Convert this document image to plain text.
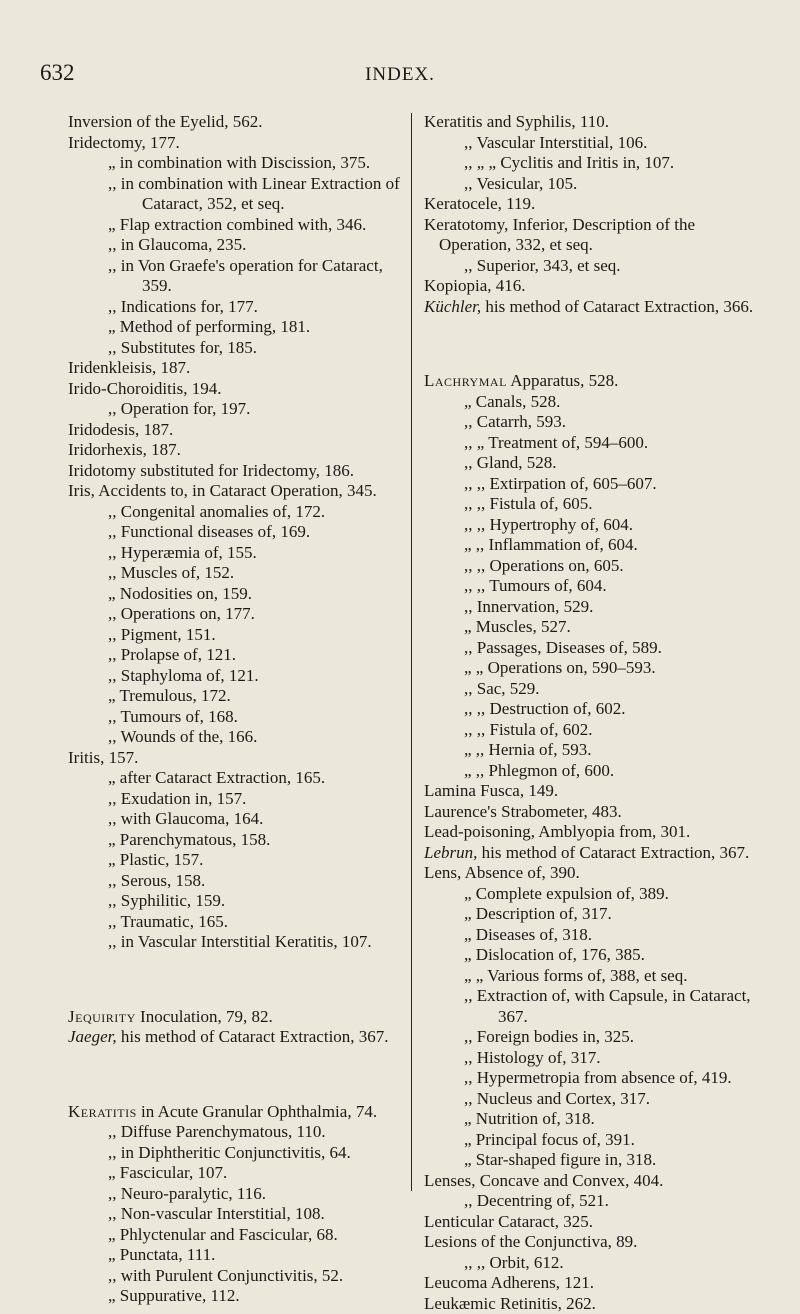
632	INDEX.

Inversion of the Eyelid, 562.

Iridectomy, 177.

„ in combination with Discission, 375.

,, in combination with Linear Extraction of Cataract, 352, et seq.

„ Flap extraction combined with, 346.

,, in Glaucoma, 235.

,, in Von Graefe's operation for Cataract, 359.

,, Indications for, 177.

„ Method of performing, 181.

,, Substitutes for, 185.

Iridenkleisis, 187.

Irido-Choroiditis, 194.

,, Operation for, 197.

Iridodesis, 187.

Iridorhexis, 187.

Iridotomy substituted for Iridectomy, 186.

Iris, Accidents to, in Cataract Operation, 345.

,, Congenital anomalies of, 172.

,, Functional diseases of, 169.

,, Hyperæmia of, 155.

,, Muscles of, 152.

„ Nodosities on, 159.

,, Operations on, 177.

,, Pigment, 151.

,, Prolapse of, 121.

,, Staphyloma of, 121.

„ Tremulous, 172.

,, Tumours of, 168.

,, Wounds of the, 166.

Iritis, 157.

„ after Cataract Extraction, 165.

,, Exudation in, 157.

,, with Glaucoma, 164.

„ Parenchymatous, 158.

„ Plastic, 157.

,, Serous, 158.

,, Syphilitic, 159.

,, Traumatic, 165.

,, in Vascular Interstitial Keratitis, 107.

Jequirity Inoculation, 79, 82.

Jaeger, his method of Cataract Extraction, 367.

Keratitis in Acute Granular Ophthalmia, 74.

,, Diffuse Parenchymatous, 110.

,, in Diphtheritic Conjunctivitis, 64.

„ Fascicular, 107.

,, Neuro-paralytic, 116.

,, Non-vascular Interstitial, 108.

„ Phlyctenular and Fascicular, 68.

„ Punctata, 111.

,, with Purulent Conjunctivitis, 52.

„ Suppurative, 112.

Keratitis and Syphilis, 110.

,, Vascular Interstitial, 106.

,, „ „ Cyclitis and Iritis in, 107.

,, Vesicular, 105.

Keratocele, 119.

Keratotomy, Inferior, Description of the Operation, 332, et seq.

,, Superior, 343, et seq.

Kopiopia, 416.

Küchler, his method of Cataract Extraction, 366.

Lachrymal Apparatus, 528.

„ Canals, 528.

,, Catarrh, 593.

,, „ Treatment of, 594–600.

,, Gland, 528.

,, ,, Extirpation of, 605–607.

,, ,, Fistula of, 605.

,, ,, Hypertrophy of, 604.

„ ,, Inflammation of, 604.

,, ,, Operations on, 605.

,, ,, Tumours of, 604.

,, Innervation, 529.

„ Muscles, 527.

,, Passages, Diseases of, 589.

„ „ Operations on, 590–593.

,, Sac, 529.

,, ,, Destruction of, 602.

,, ,, Fistula of, 602.

„ ,, Hernia of, 593.

„ ,, Phlegmon of, 600.

Lamina Fusca, 149.

Laurence's Strabometer, 483.

Lead-poisoning, Amblyopia from, 301.

Lebrun, his method of Cataract Extraction, 367.

Lens, Absence of, 390.

„ Complete expulsion of, 389.

„ Description of, 317.

„ Diseases of, 318.

„ Dislocation of, 176, 385.

„ „ Various forms of, 388, et seq.

,, Extraction of, with Capsule, in Cataract, 367.

,, Foreign bodies in, 325.

,, Histology of, 317.

,, Hypermetropia from absence of, 419.

,, Nucleus and Cortex, 317.

„ Nutrition of, 318.

„ Principal focus of, 391.

„ Star-shaped figure in, 318.

Lenses, Concave and Convex, 404.

,, Decentring of, 521.

Lenticular Cataract, 325.

Lesions of the Conjunctiva, 89.

,, ,, Orbit, 612.

Leucoma Adherens, 121.

Leukæmic Retinitis, 262.
